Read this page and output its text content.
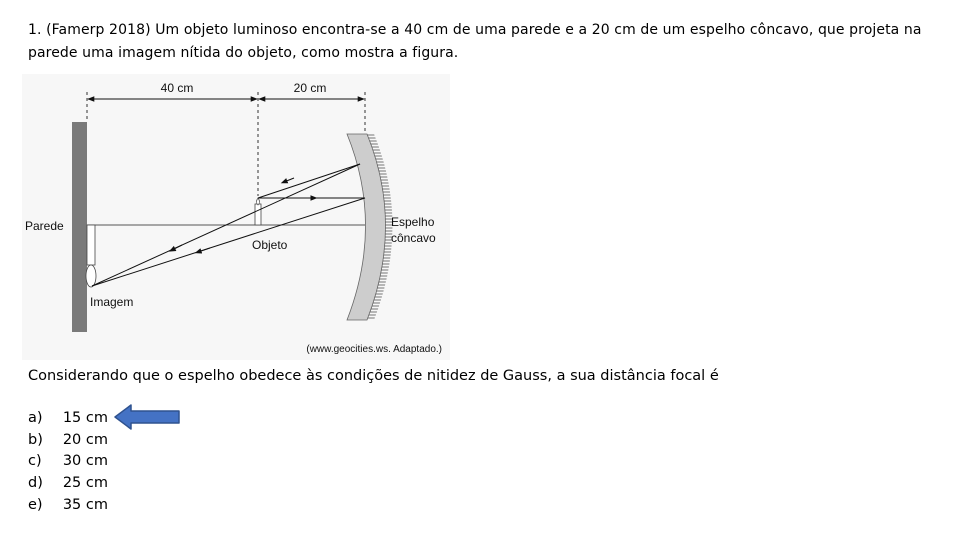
1. (Famerp 2018) Um objeto luminoso encontra-se a 40 cm de uma parede e a 20 cm de um espelho côncavo, que projeta na parede uma imagem nítida do objeto, como mostra a figura.
40 cm	20 cm
Parede
Objeto
Imagem
Espelho
côncavo
(www.geocities.ws. Adaptado.)
Considerando que o espelho obedece às condições de nitidez de Gauss, a sua distância focal é
a)	15 cm
b)	20 cm
c)	30 cm
d)	25 cm
e)	35 cm
